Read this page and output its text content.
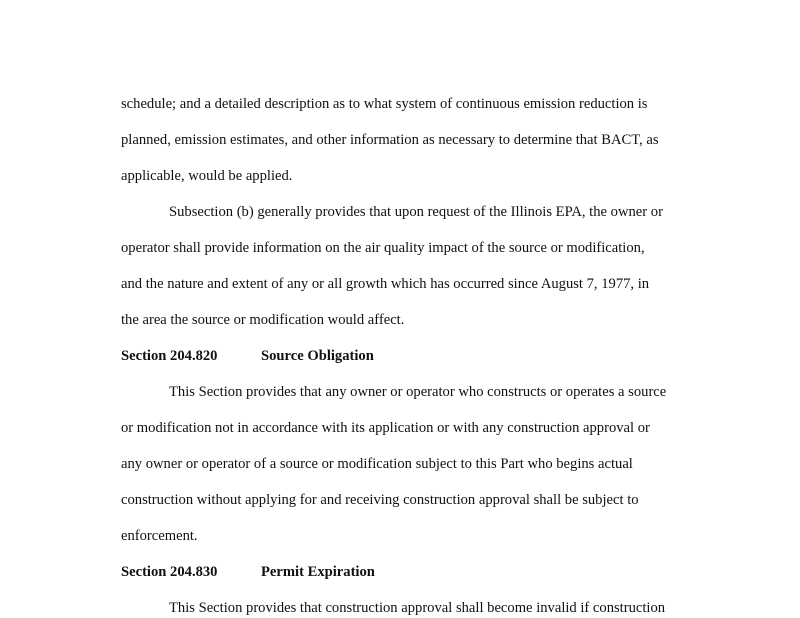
schedule; and a detailed description as to what system of continuous emission reduction is
planned, emission estimates, and other information as necessary to determine that BACT, as
applicable, would be applied.
Subsection (b) generally provides that upon request of the Illinois EPA, the owner or
operator shall provide information on the air quality impact of the source or modification,
and the nature and extent of any or all growth which has occurred since August 7, 1977, in
the area the source or modification would affect.
Section 204.820	Source Obligation
This Section provides that any owner or operator who constructs or operates a source
or modification not in accordance with its application or with any construction approval or
any owner or operator of a source or modification subject to this Part who begins actual
construction without applying for and receiving construction approval shall be subject to
enforcement.
Section 204.830	Permit Expiration
This Section provides that construction approval shall become invalid if construction
